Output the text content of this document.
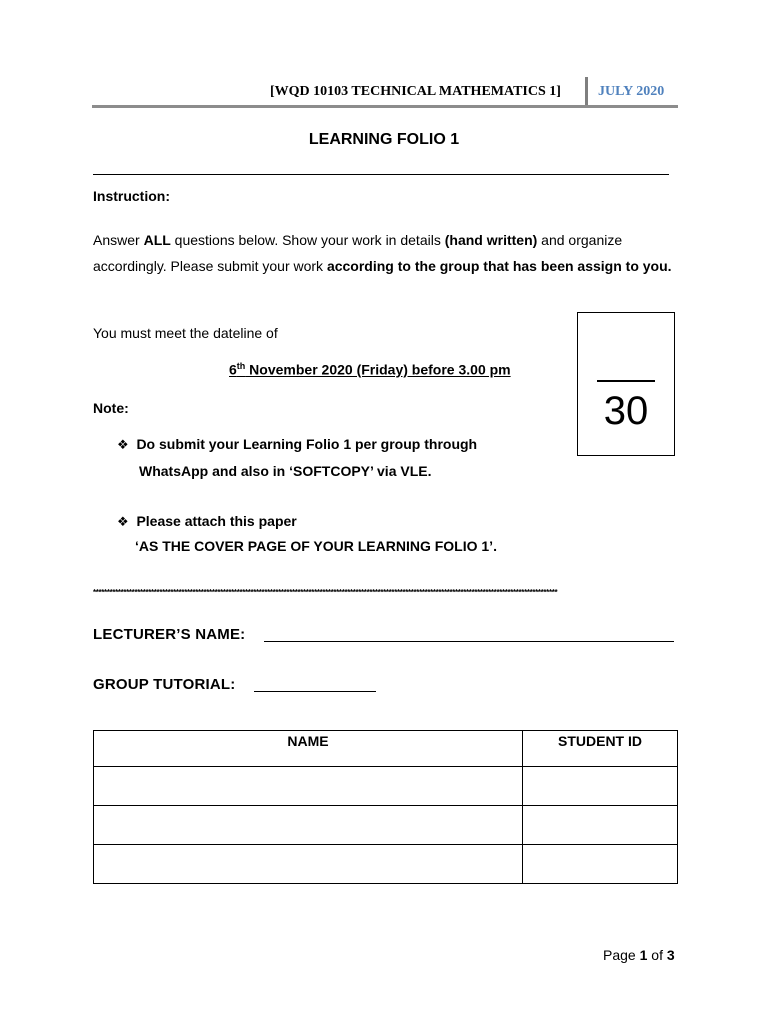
[WQD 10103 TECHNICAL MATHEMATICS 1]	JULY 2020
LEARNING FOLIO 1
Instruction:
Answer ALL questions below. Show your work in details (hand written) and organize accordingly. Please submit your work according to the group that has been assign to you.
You must meet the dateline of
6th November 2020 (Friday) before 3.00 pm
30
Note:
❖ Do submit your Learning Folio 1 per group through
WhatsApp and also in ‘SOFTCOPY’ via VLE.
❖ Please attach this paper
‘AS THE COVER PAGE OF YOUR LEARNING FOLIO 1’.
************************************************************************************************************************************************************************
LECTURER’S NAME:
GROUP TUTORIAL:
NAME	STUDENT ID

Page 1 of 3
